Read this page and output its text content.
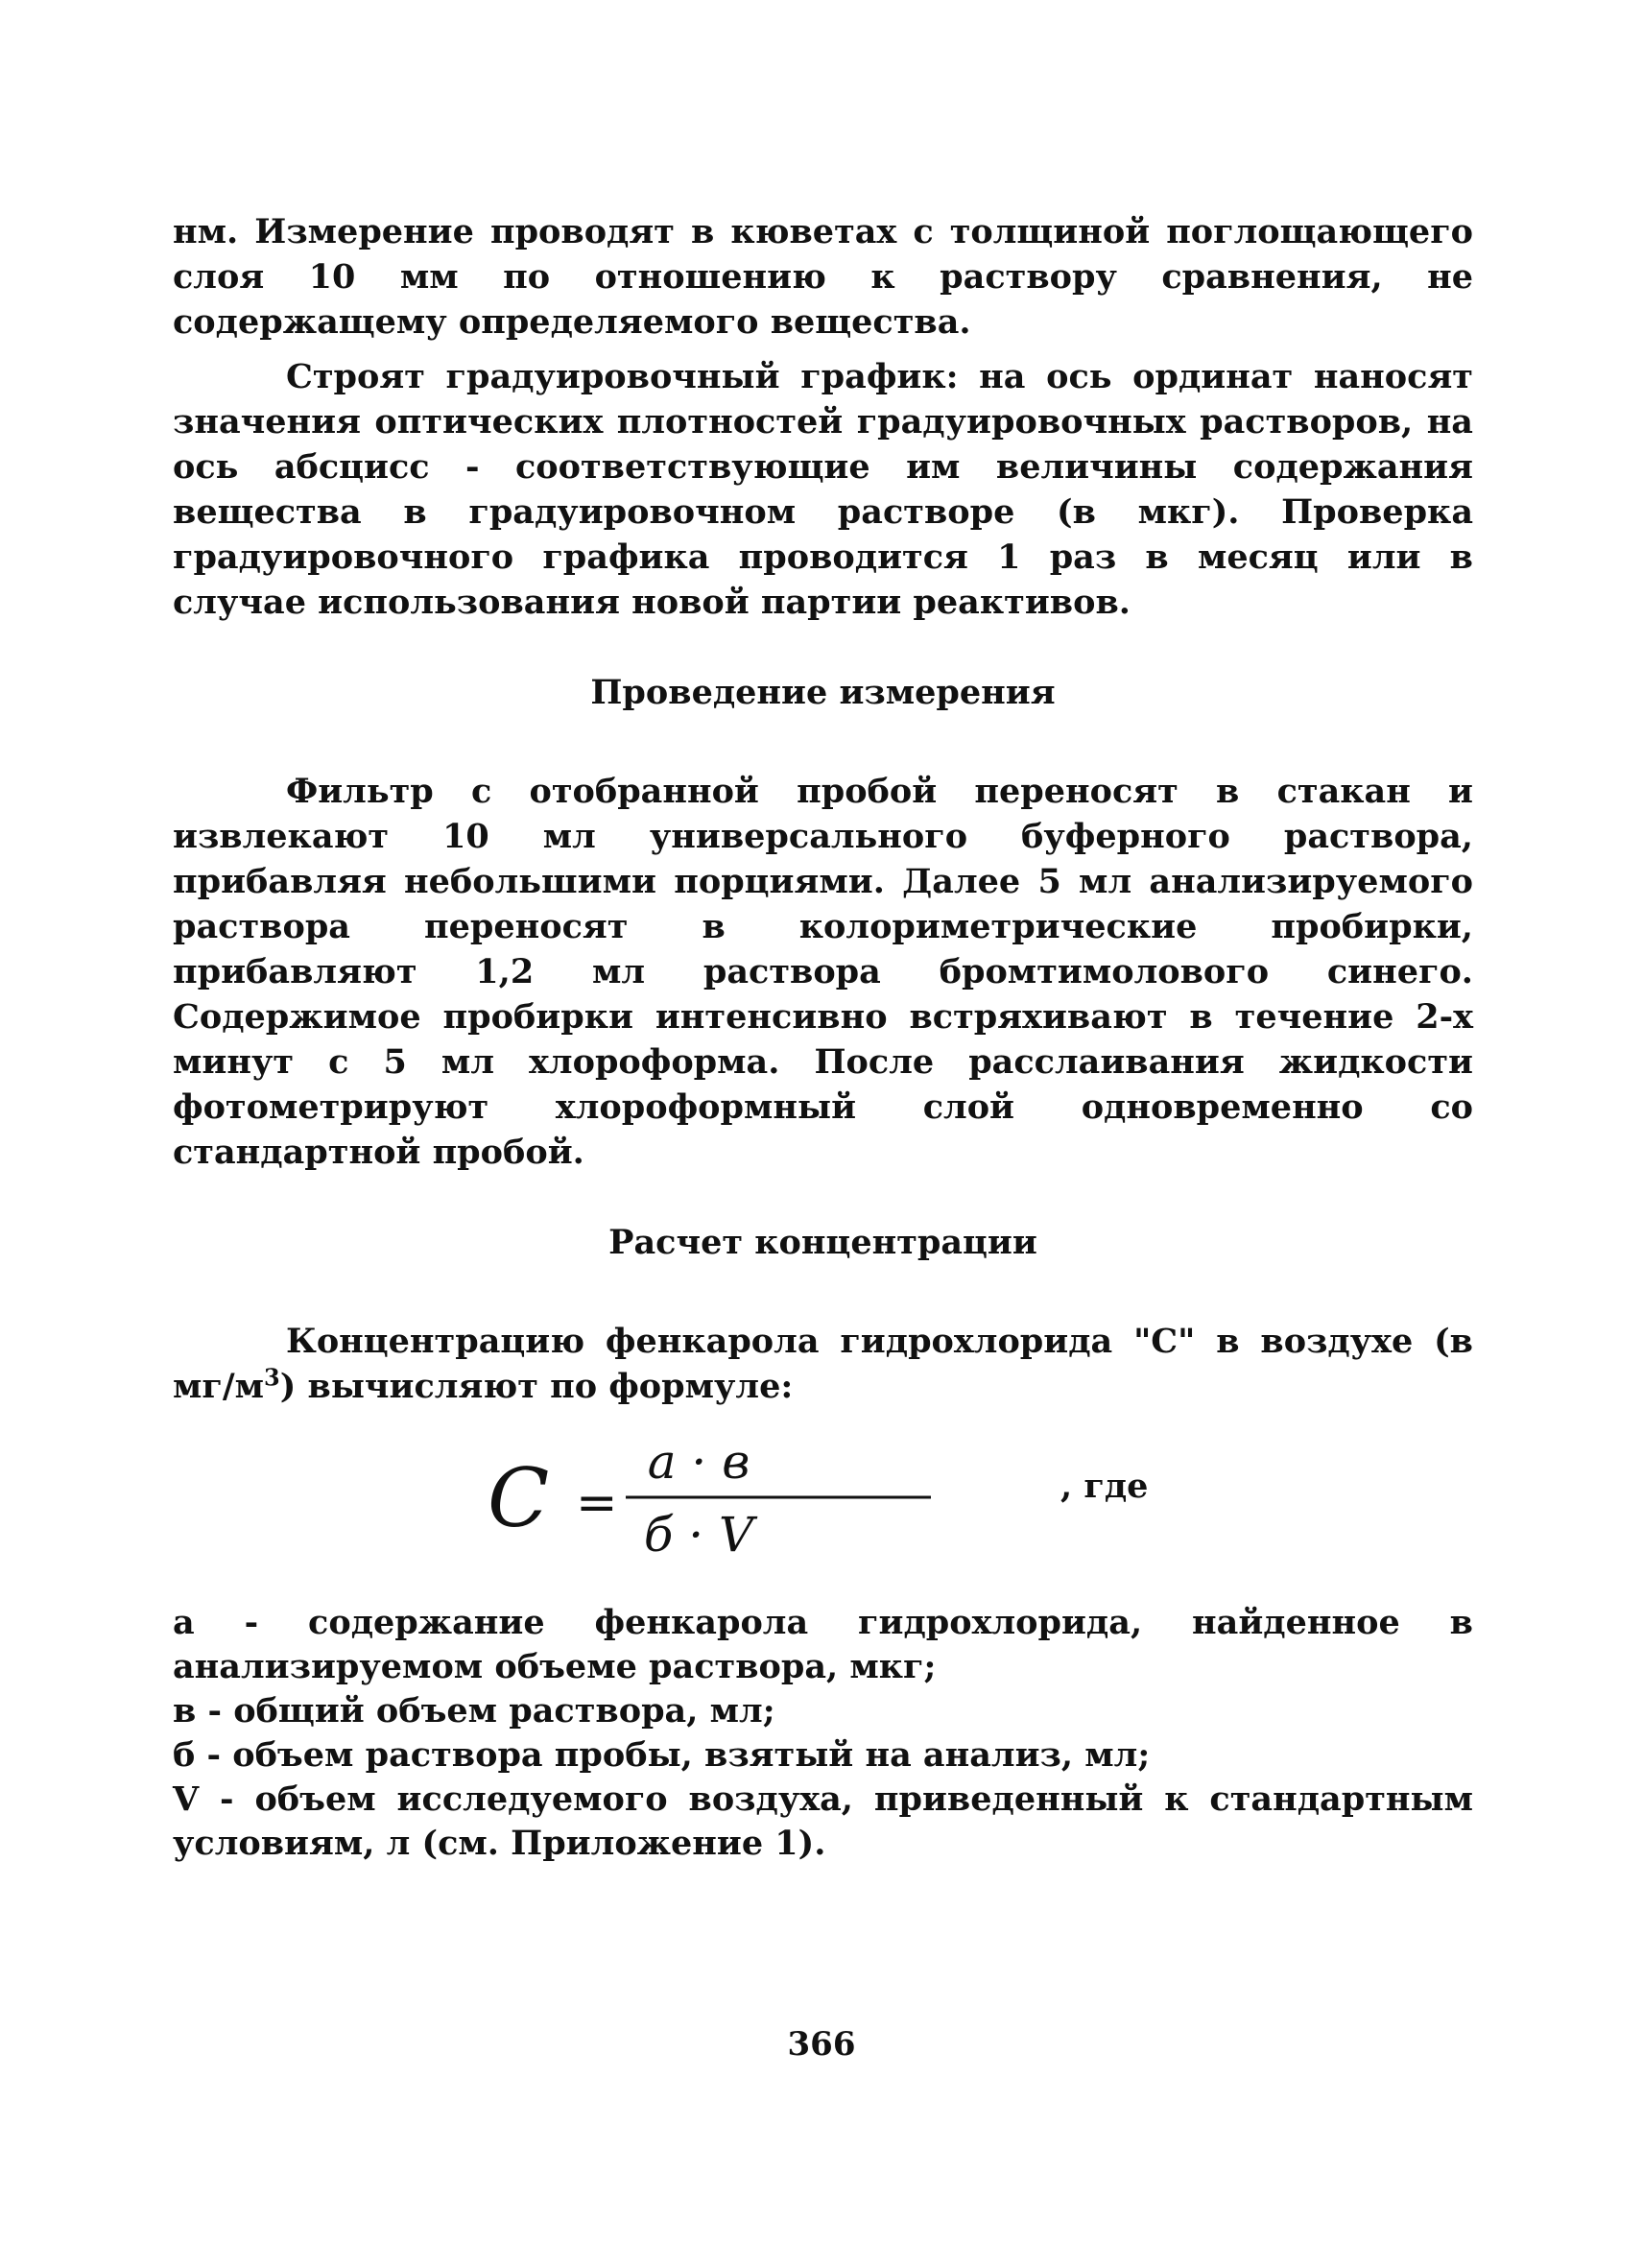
нм. Измерение проводят в кюветах с толщиной поглощающего слоя 10 мм по отношению к раствору сравнения, не содержащему определяемого вещества.

Строят градуировочный график: на ось ординат наносят значения оптических плотностей градуировочных растворов, на ось абсцисс - соответствующие им величины содержания вещества в градуировочном растворе (в мкг). Проверка градуировочного графика проводится 1 раз в месяц или в случае использования новой партии реактивов.

Проведение измерения

Фильтр с отобранной пробой переносят в стакан и извлекают 10 мл универсального буферного раствора, прибавляя небольшими порциями. Далее 5 мл анализируемого раствора переносят в колориметрические пробирки, прибавляют 1,2 мл раствора бромтимолового синего. Содержимое пробирки интенсивно встряхивают в течение 2-х минут с 5 мл хлороформа. После расслаивания жидкости фотометрируют хлороформный слой одновременно со стандартной пробой.

Расчет концентрации

Концентрацию фенкарола гидрохлорида "С" в воздухе (в $мг/м^3$) вычисляют по формуле:

C =
а · в
б · V
, где

а - содержание фенкарола гидрохлорида, найденное в анализируемом объеме раствора, мкг;

в - общий объем раствора, мл;

б - объем раствора пробы, взятый на анализ, мл;

V - объем исследуемого воздуха, приведенный к стандартным условиям, л (см. Приложение 1).

366
